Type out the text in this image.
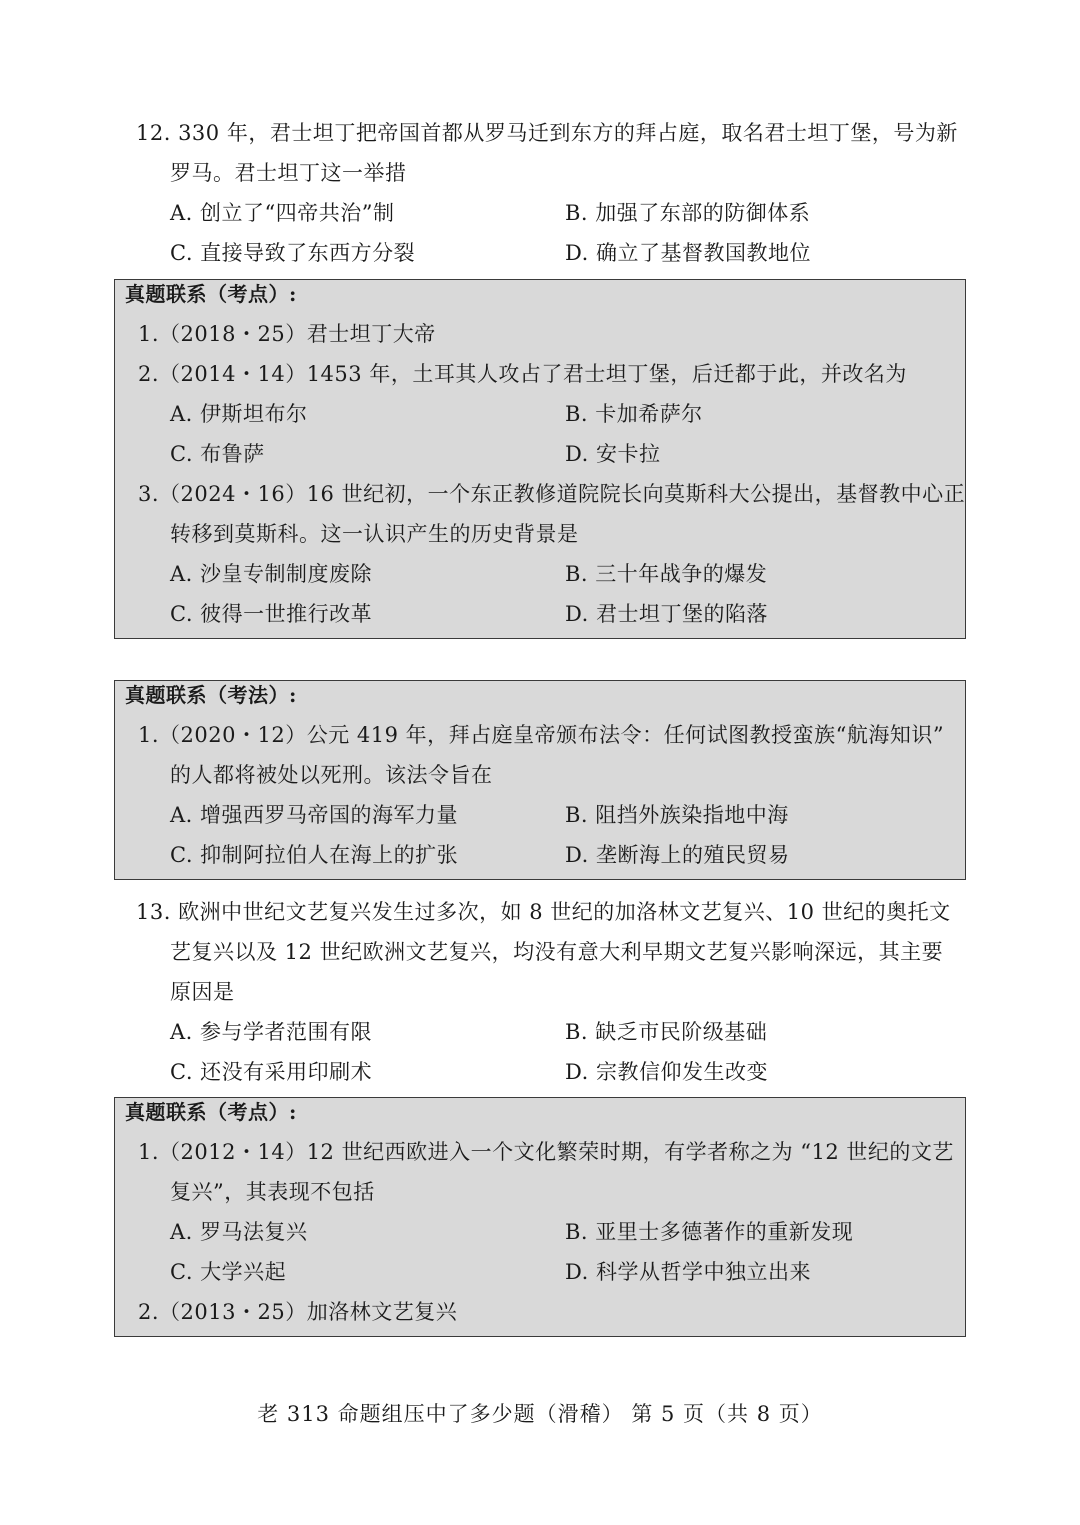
12. 330 年，君士坦丁把帝国首都从罗马迁到东方的拜占庭，取名君士坦丁堡，号为新
罗马。君士坦丁这一举措
A. 创立了“四帝共治”制	B. 加强了东部的防御体系
C. 直接导致了东西方分裂	D. 确立了基督教国教地位
真题联系（考点）:
1.（2018・25）君士坦丁大帝
2.（2014・14）1453 年，土耳其人攻占了君士坦丁堡，后迁都于此，并改名为
A. 伊斯坦布尔	B. 卡加希萨尔
C. 布鲁萨	D. 安卡拉
3.（2024・16）16 世纪初，一个东正教修道院院长向莫斯科大公提出，基督教中心正
转移到莫斯科。这一认识产生的历史背景是
A. 沙皇专制制度废除	B. 三十年战争的爆发
C. 彼得一世推行改革	D. 君士坦丁堡的陷落
真题联系（考法）:
1.（2020・12）公元 419 年，拜占庭皇帝颁布法令：任何试图教授蛮族“航海知识”
的人都将被处以死刑。该法令旨在
A. 增强西罗马帝国的海军力量	B. 阻挡外族染指地中海
C. 抑制阿拉伯人在海上的扩张	D. 垄断海上的殖民贸易
13. 欧洲中世纪文艺复兴发生过多次，如 8 世纪的加洛林文艺复兴、10 世纪的奥托文
艺复兴以及 12 世纪欧洲文艺复兴，均没有意大利早期文艺复兴影响深远，其主要
原因是
A. 参与学者范围有限	B. 缺乏市民阶级基础
C. 还没有采用印刷术	D. 宗教信仰发生改变
真题联系（考点）:
1.（2012・14）12 世纪西欧进入一个文化繁荣时期，有学者称之为 “12 世纪的文艺
复兴”，其表现不包括
A. 罗马法复兴	B. 亚里士多德著作的重新发现
C. 大学兴起	D. 科学从哲学中独立出来
2.（2013・25）加洛林文艺复兴
老 313 命题组压中了多少题（滑稽） 第 5 页（共 8 页）
